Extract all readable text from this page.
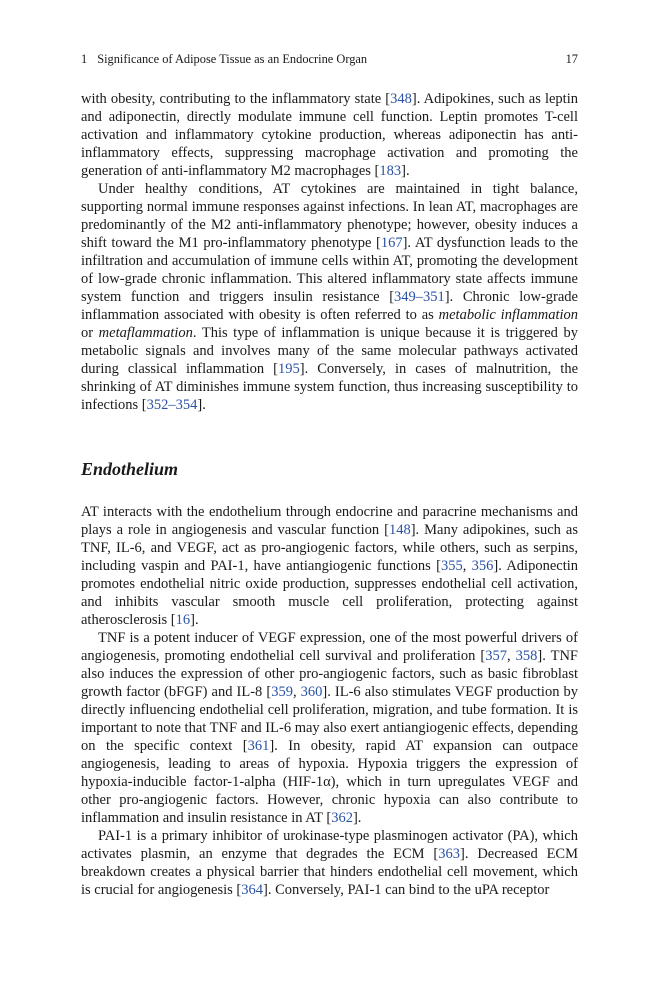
1 Significance of Adipose Tissue as an Endocrine Organ	17

with obesity, contributing to the inflammatory state [348]. Adipokines, such as leptin and adiponectin, directly modulate immune cell function. Leptin promotes T-cell activation and inflammatory cytokine production, whereas adiponectin has anti-inflammatory effects, suppressing macrophage activation and promoting the generation of anti-inflammatory M2 macrophages [183].

Under healthy conditions, AT cytokines are maintained in tight balance, supporting normal immune responses against infections. In lean AT, macrophages are predominantly of the M2 anti-inflammatory phenotype; however, obesity induces a shift toward the M1 pro-inflammatory phenotype [167]. AT dysfunction leads to the infiltration and accumulation of immune cells within AT, promoting the development of low-grade chronic inflammation. This altered inflammatory state affects immune system function and triggers insulin resistance [349–351]. Chronic low-grade inflammation associated with obesity is often referred to as metabolic inflammation or metaflammation. This type of inflammation is unique because it is triggered by metabolic signals and involves many of the same molecular pathways activated during classical inflammation [195]. Conversely, in cases of malnutrition, the shrinking of AT diminishes immune system function, thus increasing susceptibility to infections [352–354].

Endothelium

AT interacts with the endothelium through endocrine and paracrine mechanisms and plays a role in angiogenesis and vascular function [148]. Many adipokines, such as TNF, IL-6, and VEGF, act as pro-angiogenic factors, while others, such as serpins, including vaspin and PAI-1, have antiangiogenic functions [355, 356]. Adiponectin promotes endothelial nitric oxide production, suppresses endothelial cell activation, and inhibits vascular smooth muscle cell proliferation, protecting against atherosclerosis [16].

TNF is a potent inducer of VEGF expression, one of the most powerful drivers of angiogenesis, promoting endothelial cell survival and proliferation [357, 358]. TNF also induces the expression of other pro-angiogenic factors, such as basic fibroblast growth factor (bFGF) and IL-8 [359, 360]. IL-6 also stimulates VEGF production by directly influencing endothelial cell proliferation, migration, and tube formation. It is important to note that TNF and IL-6 may also exert antiangiogenic effects, depending on the specific context [361]. In obesity, rapid AT expansion can outpace angiogenesis, leading to areas of hypoxia. Hypoxia triggers the expression of hypoxia-inducible factor-1-alpha (HIF-1α), which in turn upregulates VEGF and other pro-angiogenic factors. However, chronic hypoxia can also contribute to inflammation and insulin resistance in AT [362].

PAI-1 is a primary inhibitor of urokinase-type plasminogen activator (PA), which activates plasmin, an enzyme that degrades the ECM [363]. Decreased ECM breakdown creates a physical barrier that hinders endothelial cell movement, which is crucial for angiogenesis [364]. Conversely, PAI-1 can bind to the uPA receptor
